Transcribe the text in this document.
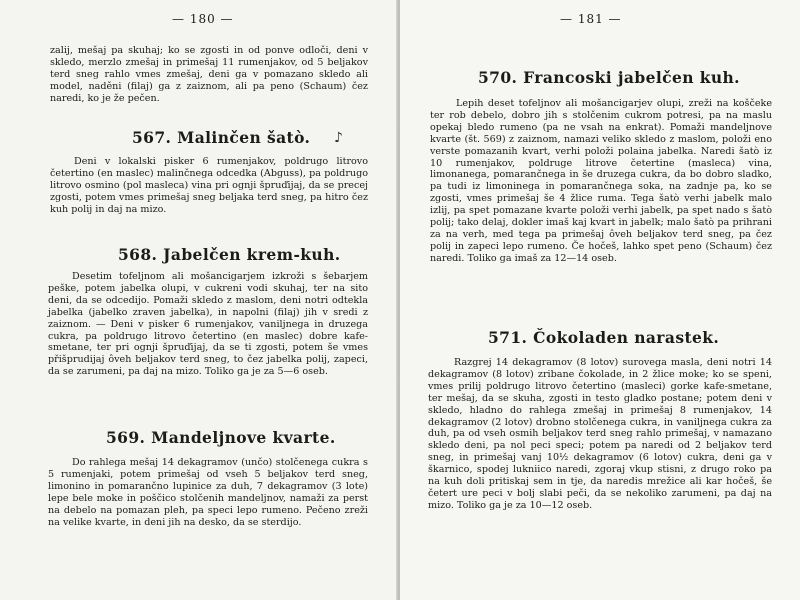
— 180 —
zalij, mešaj pa skuhaj; ko se zgosti in od ponve odloči, deni v skledo, merzlo zmešaj in primešaj 11 rumenjakov, od 5 beljakov terd sneg rahlo vmes zmešaj, deni ga v pomazano skledo ali model, naděni (filaj) ga z zaiznom, ali pa peno (Schaum) čez naredi, ko je že pečen.
567. Malinčen šatò. ♪
Deni v lokalski pisker 6 rumenjakov, poldrugo litrovo četertino (en maslec) malinčnega odcedka (Abguss), pa poldrugo litrovo osmino (pol masleca) vina pri ognji špruďijaj, da se precej zgosti, potem vmes primešaj sneg beljaka terd sneg, pa hitro čez kuh polij in daj na mizo.
568. Jabelčen krem-kuh.
Desetim tofeljnom ali mošancigarjem izkroži s šebarjem peške, potem jabelka olupi, v cukreni vodi skuhaj, ter na sito deni, da se odcedijo. Pomaži skledo z maslom, deni notri odtekla jabelka (jabelko zraven jabelka), in napolni (filaj) jih v sredi z zaiznom. — Deni v pisker 6 rumenjakov, vaniljnega in druzega cukra, pa poldrugo litrovo četertino (en maslec) dobre kafe-smetane, ter pri ognji špruďijaj, da se ti zgosti, potem še vmes přišprudijaj ôveh beljakov terd sneg, to čez jabelka polij, zapeci, da se zarumeni, pa daj na mizo. Toliko ga je za 5—6 oseb.
569. Mandeljnove kvarte.
Do rahlega mešaj 14 dekagramov (unčo) stolčenega cukra s 5 rumenjaki, potem primešaj od vseh 5 beljakov terd sneg, limonino in pomarančno lupinice za duh, 7 dekagramov (3 lote) lepe bele moke in poščico stolčenih mandeljnov, namaži za perst na debelo na pomazan pleh, pa speci lepo rumeno. Pečeno zreži na velike kvarte, in deni jih na desko, da se sterdijo.
— 181 —
570. Francoski jabelčen kuh.
Lepih deset tofeljnov ali mošancigarjev olupi, zreži na koščeke ter rob debelo, dobro jih s stolčenim cukrom potresi, pa na maslu opekaj bledo rumeno (pa ne vsah na enkrat). Pomaži mandeljnove kvarte (št. 569) z zaiznom, namazi veliko skledo z maslom, položi eno verste pomazanih kvart, verhi položi polaina jabelka. Naredi šatò iz 10 rumenjakov, poldruge litrove četertine (masleca) vina, limonanega, pomarančnega in še druzega cukra, da bo dobro sladko, pa tudi iz limoninega in pomarančnega soka, na zadnje pa, ko se zgosti, vmes primešaj še 4 žlice ruma. Tega šatò verhi jabelk malo izlij, pa spet pomazane kvarte položi verhi jabelk, pa spet nado s šatò polij; tako delaj, dokler imaš kaj kvart in jabelk; malo šatò pa prihrani za na verh, med tega pa primešaj ôveh beljakov terd sneg, pa čez polij in zapeci lepo rumeno. Če hočeš, lahko spet peno (Schaum) čez naredi. Toliko ga imaš za 12—14 oseb.
571. Čokoladen narastek.
Razgrej 14 dekagramov (8 lotov) surovega masla, deni notri 14 dekagramov (8 lotov) zribane čokolade, in 2 žlice moke; ko se speni, vmes prilij poldrugo litrovo četertino (masleci) gorke kafe-smetane, ter mešaj, da se skuha, zgosti in testo gladko postane; potem deni v skledo, hladno do rahlega zmešaj in primešaj 8 rumenjakov, 14 dekagramov (2 lotov) drobno stolčenega cukra, in vaniljnega cukra za duh, pa od vseh osmih beljakov terd sneg rahlo primešaj, v namazano skledo deni, pa nol peci speci; potem pa naredi od 2 beljakov terd sneg, in primešaj vanj 10½ dekagramov (6 lotov) cukra, deni ga v škarnico, spodej lukniico naredi, zgoraj vkup stisni, z drugo roko pa na kuh doli pritiskaj sem in tje, da naredis mrežice ali kar hočeš, še četert ure peci v bolj slabi peči, da se nekoliko zarumeni, pa daj na mizo. Toliko ga je za 10—12 oseb.
